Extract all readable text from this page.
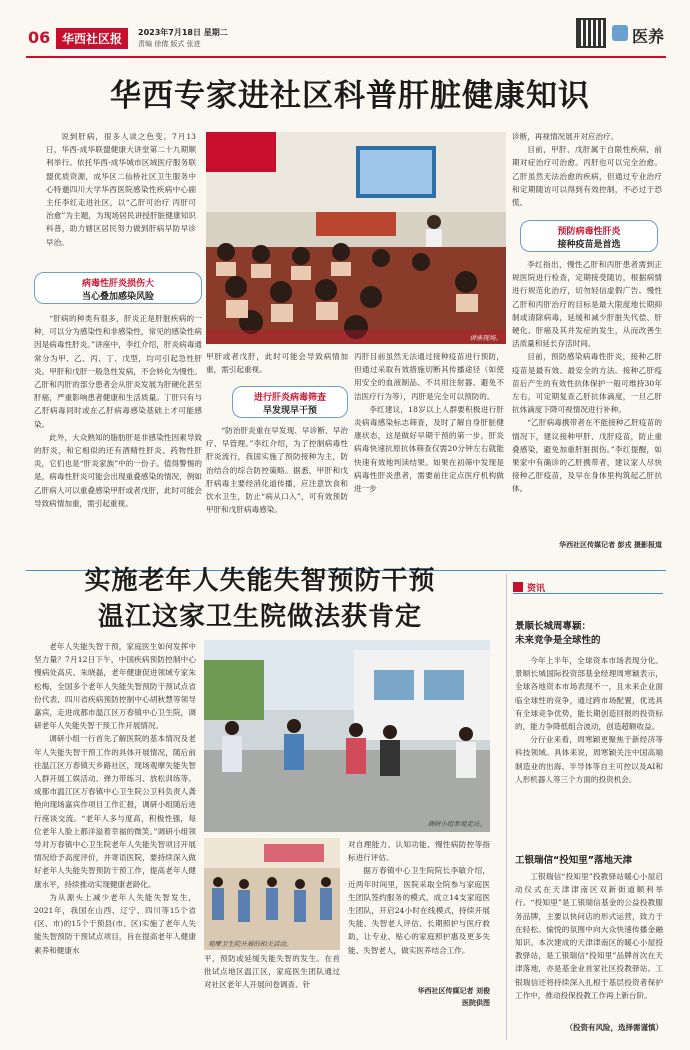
06 华西社区报	2023年7月18日 星期二
责编 徐倩 版式 张进	医养
华西专家进社区科普肝脏健康知识

说到肝病，很多人谈之色变。7月13日，华西-成华联盟健康大讲堂第二十九期顺利举行。依托华西-成华城市区域医疗服务联盟优质资源，成华区二仙桥社区卫生服务中心特邀四川大学华西医院感染性疾病中心副主任李红走进社区，以“乙肝可治疗 丙肝可治愈”为主题，为现场居民讲授肝脏健康知识科普，助力辖区居民努力做到肝病早防早诊早治。

病毒性肝炎损伤大
当心叠加感染风险

“肝病的种类有很多，肝炎正是肝脏疾病的一种，可以分为感染性和非感染性，常见的感染性病因是病毒性肝炎。”讲座中，李红介绍，肝炎病毒通常分为甲、乙、丙、丁、戊型，均可引起急性肝炎。甲肝和戊肝一般急性发病，不会转化为慢性。乙肝和丙肝的部分患者会从肝炎发展为肝硬化甚至肝癌，严重影响患者健康和生活质量。丁肝只有与乙肝病毒同时或在乙肝病毒感染基础上才可能感染。

此外，大众熟知的脂肪肝是非感染性因素导致的肝炎，和它相似的还有酒精性肝炎、药物性肝炎，它们也是“肝炎家族”中的一份子。值得警惕的是，病毒性肝炎可能会出现重叠感染的情况，例如乙肝病人可以重叠感染甲肝或者戊肝，此时可能会导致病情加重，需引起重视。

讲座现场。

甲肝或者戊肝，此时可能会导致病情加重，需引起重视。

进行肝炎病毒筛查
早发现早干预

“防治肝炎重在早发现、早诊断、早治疗、早管理。”李红介绍，为了控制病毒性肝炎流行，我国实施了预防接种为主，防治结合的综合防控策略。据悉，甲肝和戊肝病毒主要经消化道传播，应注意饮食和饮水卫生，防止“病从口入”，可有效预防甲肝和戊肝病毒感染。

丙肝目前虽然无法通过接种疫苗进行预防，但通过采取有效措施切断其传播途径（如使用安全的血液制品、不共用注射器、避免不洁医疗行为等），丙肝是完全可以预防的。

李红建议，18岁以上人群要积极进行肝炎病毒感染标志筛查，及时了解自身肝脏健康状态，这是做好早期干预的第一步，肝炎病毒快速抗原抗体筛查仅需20分钟左右就能快速有效地判读结果。如果在初筛中发现是病毒性肝炎患者，需要前往定点医疗机构做进一步

诊断，再视情况展开对应治疗。

目前，甲肝、戊肝属于自限性疾病，前期对症治疗可治愈。丙肝也可以完全治愈。乙肝虽然无法治愈的疾病，但通过专业治疗和定期随访可以得到有效控制，不必过于恐慌。

预防病毒性肝炎
接种疫苗是首选

李红指出，慢性乙肝和丙肝患者需到正规医院进行检查，定期接受随访，根据病情进行规范化治疗，切勿轻信虚假广告。慢性乙肝和丙肝治疗的目标是最大限度地长期抑制或清除病毒，延缓和减少肝脏失代偿、肝硬化、肝癌及其并发症的发生，从而改善生活质量和延长存活时间。

目前，预防感染病毒性肝炎，接种乙肝疫苗是最有效、最安全的方法。接种乙肝疫苗后产生的有效性抗体保护一般可维持30年左右，可定期复查乙肝抗体滴度，一旦乙肝抗体滴度下降可视情况进行补种。

“乙肝病毒携带者在不能接种乙肝疫苗的情况下，建议接种甲肝、戊肝疫苗，防止重叠感染，避免加重肝脏损伤。”李红提醒，如果家中有确诊的乙肝携带者，建议家人尽快接种乙肝疫苗，及早在身体里构筑起乙肝抗体。

华西社区传媒记者 彭戎 摄影报道
实施老年人失能失智预防干预
温江这家卫生院做法获肯定

老年人失能失智干预，家庭医生如何发挥中坚力量？7月12日下午，中国疾病预防控制中心慢病处高庆、朱晓磊，老年健康促进领域专家朱松梅，全国多个老年人失能失智预防干预试点省份代表、四川省疾病预防控制中心胡秋慧等领导嘉宾，走进成都市温江区万春镇中心卫生院，调研老年人失能失智干预工作开展情况。

调研小组一行首先了解医院的基本情况及老年人失能失智干预工作的具体开展情况，随后前往温江区万春镇天乡路社区，现场观摩失能失智人群开展工娱活动、弹力带练习、放松训练等。成都市温江区万春镇中心卫生院公卫科负责人龚艳向现场嘉宾作项目工作汇报，调研小组随后进行座谈交流。“老年人多与度高，积极性强，每位老年人脸上都洋溢着幸福的微笑。”调研小组领导对万春镇中心卫生院老年人失能失智项目开展情况给予高度评价，并寄语医院，要持续深入做好老年人失能失智预防干预工作，提高老年人健康水平，持续推动实现健康老龄化。

为从源头上减少老年人失能失智发生，2021年，我国在山西、辽宁、四川等15个省(区、市)的15个干预县(市、区)实施了老年人失能失智预防干预试点项目，旨在提高老年人健康素养和健康水

调研小组参观走访。
观摩卫生院开展的相关活动。

平，预防或延缓失能失智的发生。在首批试点地区温江区，家庭医生团队通过对社区老年人开展问卷调查、针

对自理能力、认知功能、慢性病防控等指标进行评估。

据万春镇中心卫生院院长李敏介绍，近两年时间里，医院采取全院参与家庭医生团队签约服务的模式，成立14支家庭医生团队，开启24小时在线模式，持续开展失能、失智老人评估、长期照护与医疗救助，让专业、贴心的家庭照护惠及更多失能、失智老人，做实医养结合工作。

华西社区传媒记者 刘俊
医院供图
资讯
景顺长城周專颖：
未来竞争是全球性的

今年上半年，全球资本市场表现分化。景顺长城国际投资部基金经理周寒颖表示，全球各地资本市场表现不一，且未来企业面临全球性的竞争，通过跨市场配置，优选具有全球竞争优势，能长期创造回报的投资标的，能力争降低组合波动，创造超额收益。

分行业来看，周寒颖更聚焦于新经济等科技领域。具体来说，周寒颖关注中国高端制造业的出海、半导体等自主可控以及AI和人形机器人等三个方面的投资机会。

工银瑞信“投知里”落地天津

工银瑞信“投知里”投教驿站暖心小屋启动仪式在天津津南区双新街道顺利举行。“投知里”是工银瑞信基金的公益投教服务品牌，主要以快问店的形式运营，致力于在轻松、愉悦的氛围中向大众快速传播金融知识。本次建成的天津津南区的暖心小屋投教驿站，是工银瑞信“投知里”品牌首次在天津落地，亦是基金业首家社区投教驿站。工银瑞信还将持续深入扎根于基层投资者保护工作中，推动投保投教工作再上新台阶。

（投资有风险，选择需谨慎）
